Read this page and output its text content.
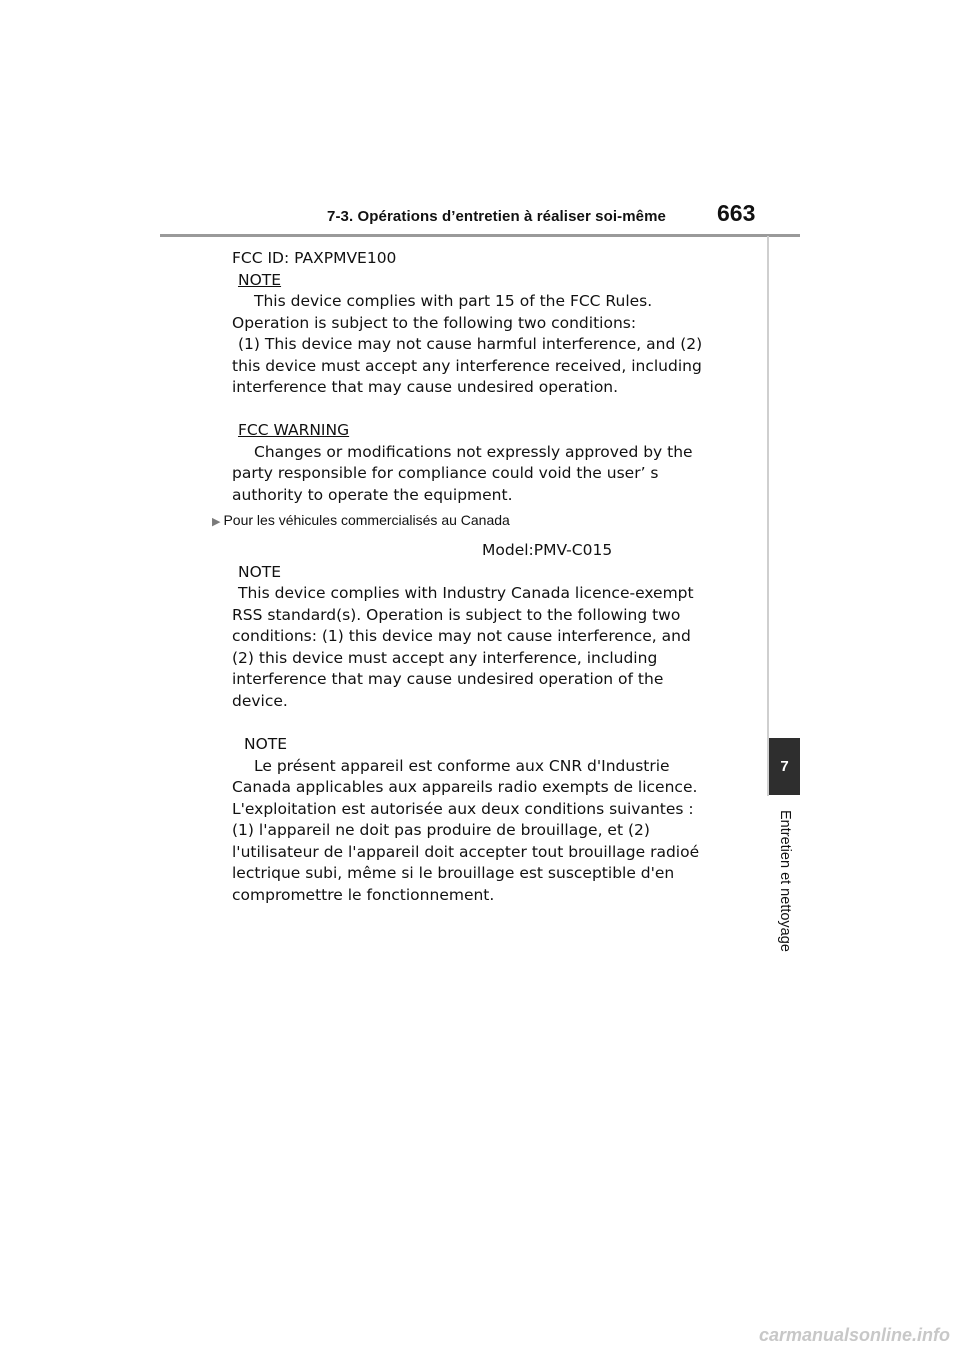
7-3. Opérations d’entretien à réaliser soi-même 663
7
Entretien et nettoyage

FCC ID: PAXPMVE100

NOTE

This device complies with part 15 of the FCC Rules.

Operation is subject to the following two conditions:

(1) This device may not cause harmful interference, and (2)

this device must accept any interference received, including

interference that may cause undesired operation.

FCC WARNING

Changes or modifications not expressly approved by the

party responsible for compliance could void the user’ s

authority to operate the equipment.

▶ Pour les véhicules commercialisés au Canada

Model:PMV-C015

NOTE

This device complies with Industry Canada licence-exempt

RSS standard(s). Operation is subject to the following two

conditions: (1) this device may not cause interference, and

(2) this device must accept any interference, including

interference that may cause undesired operation of the

device.

NOTE

Le présent appareil est conforme aux CNR d'Industrie

Canada applicables aux appareils radio exempts de licence.

L'exploitation est autorisée aux deux conditions suivantes :

(1) l'appareil ne doit pas produire de brouillage, et (2)

l'utilisateur de l'appareil doit accepter tout brouillage radioé

lectrique subi, même si le brouillage est susceptible d'en

compromettre le fonctionnement.

carmanualsonline.info
